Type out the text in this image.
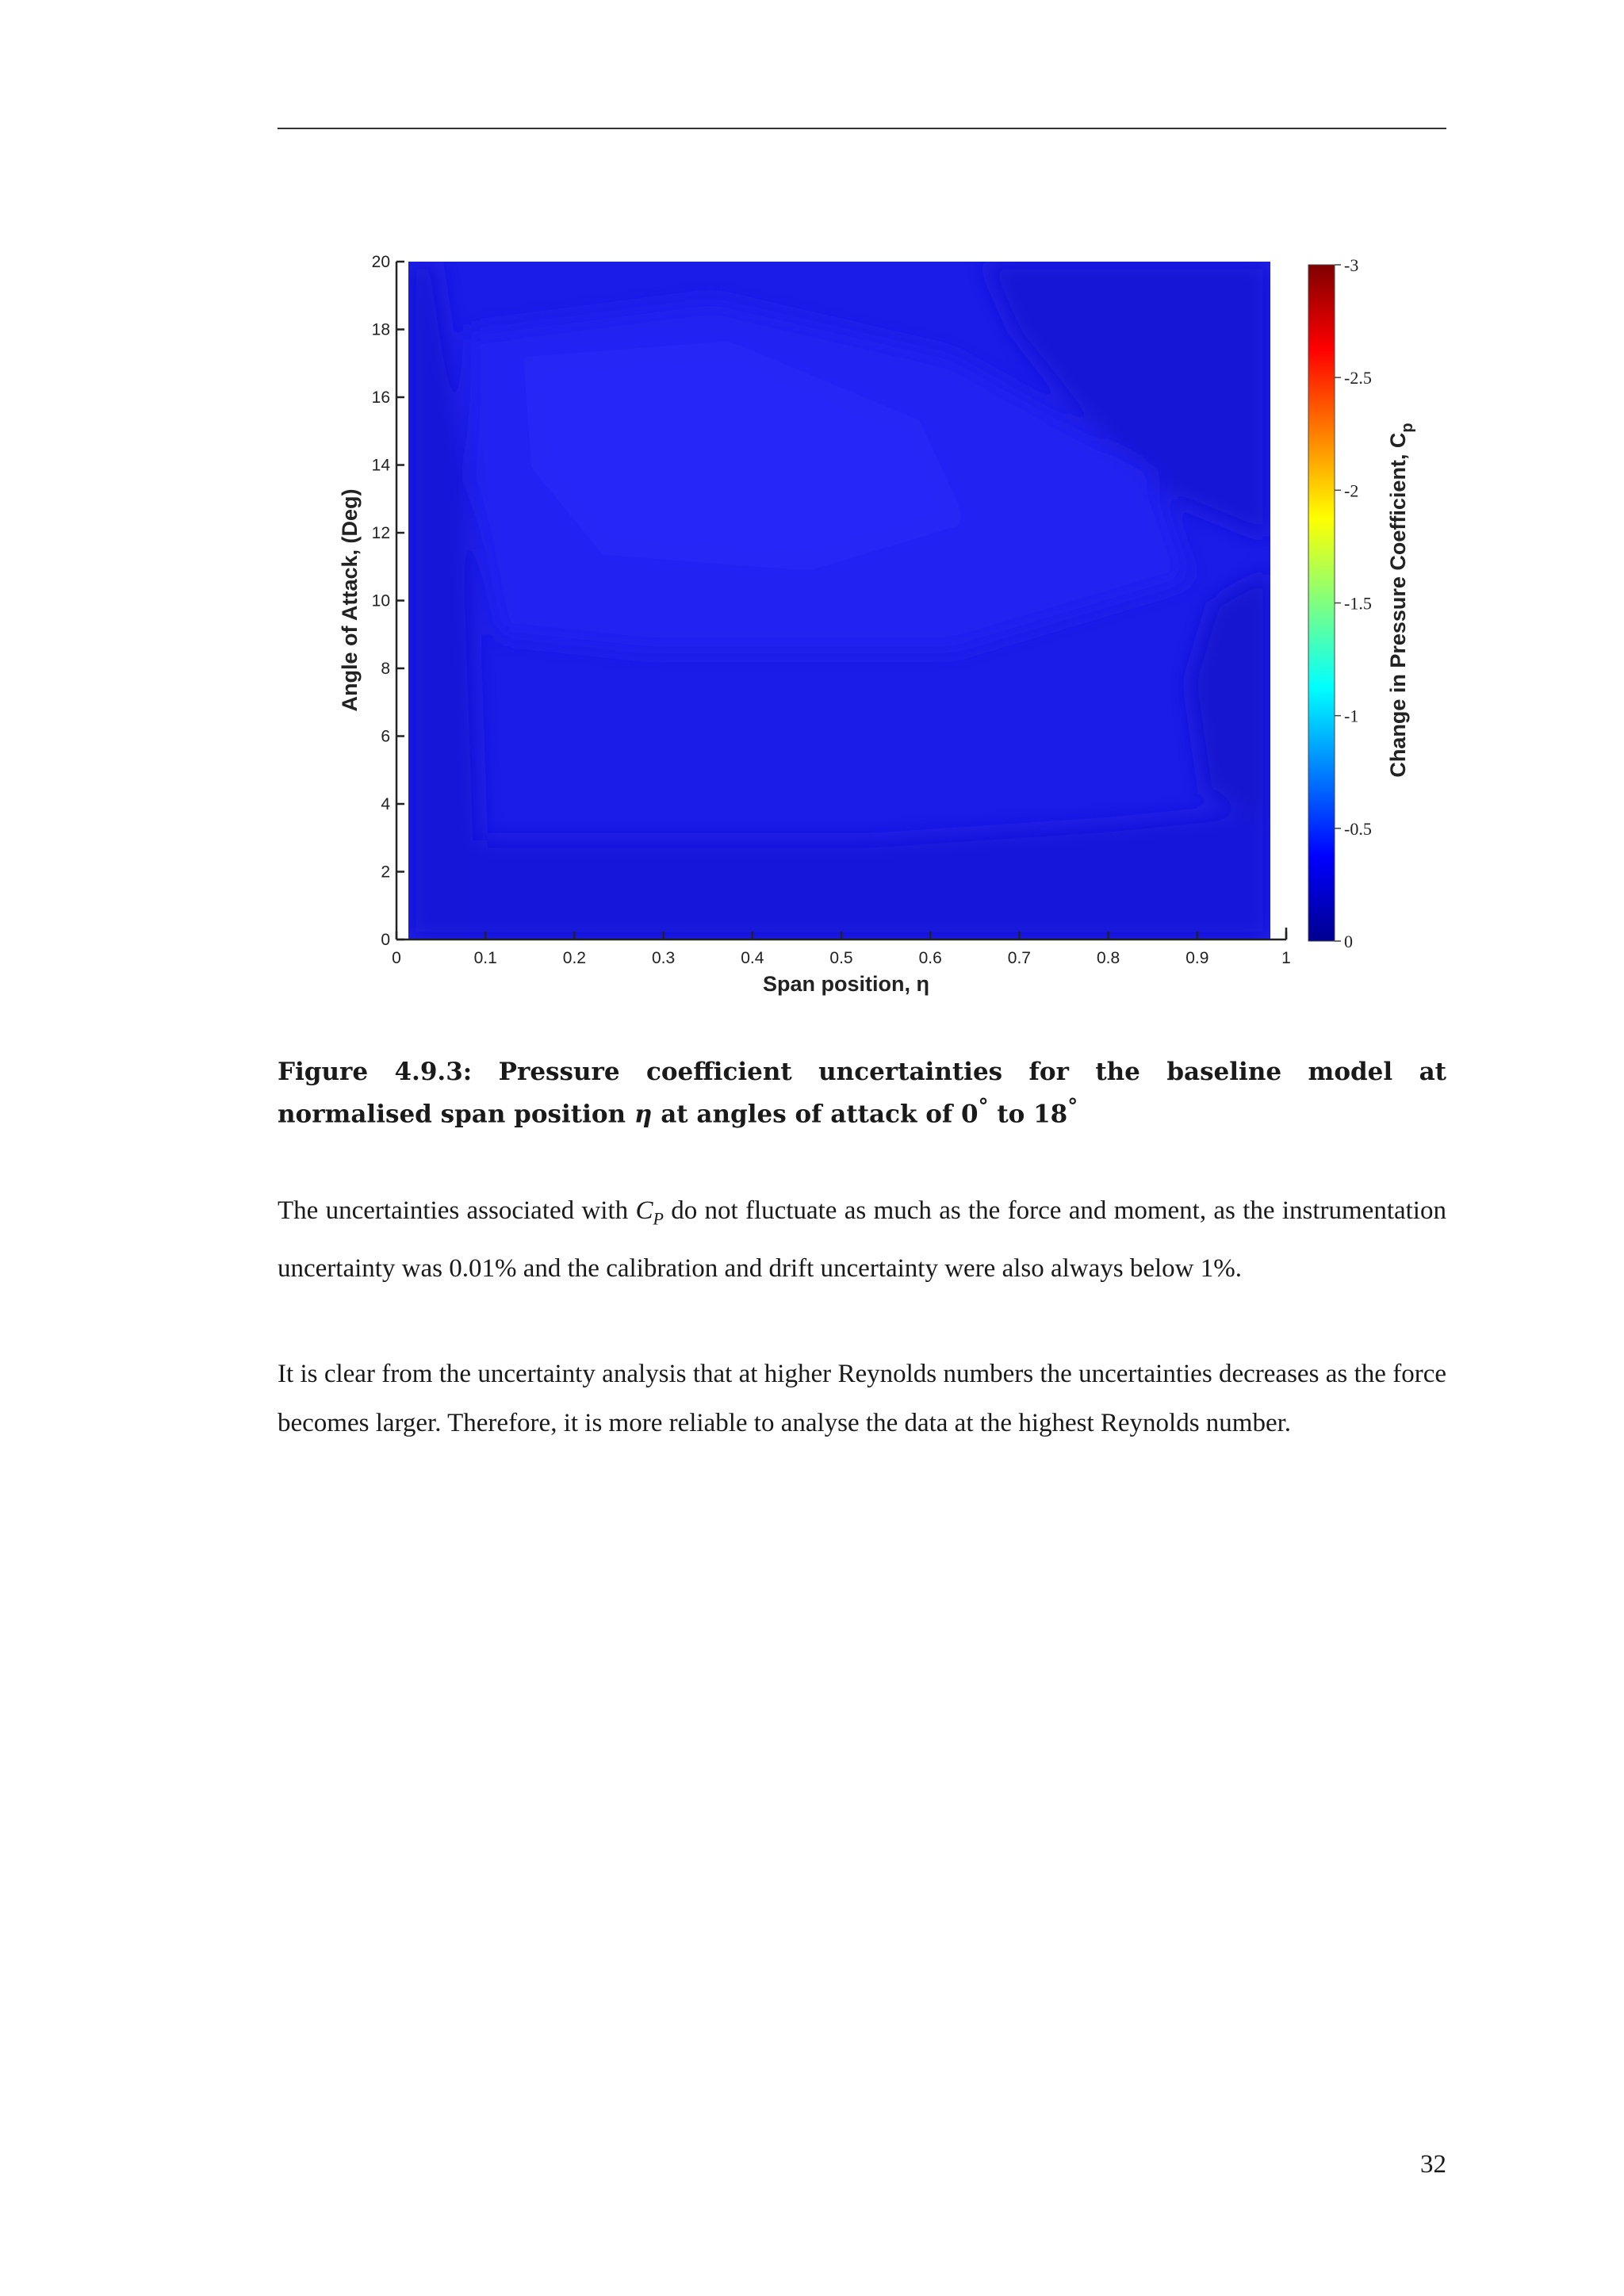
0
2
4
6
8
10
12
14
16
18
20
0	0.1	0.2	0.3	0.4	0.5	0.6	0.7	0.8	0.9	1
Span position, η
Angle of Attack, (Deg)
0
-0.5
-1
-1.5
-2
-2.5
-3
Change in Pressure Coefficient, $C_p$
Figure 4.9.3: Pressure coefficient uncertainties for the baseline model at normalised span position η at angles of attack of 0° to 18°

The uncertainties associated with $C_P$ do not fluctuate as much as the force and moment, as the instrumentation uncertainty was 0.01% and the calibration and drift uncertainty were also always below 1%.

It is clear from the uncertainty analysis that at higher Reynolds numbers the uncertainties decreases as the force becomes larger. Therefore, it is more reliable to analyse the data at the highest Reynolds number.

32
